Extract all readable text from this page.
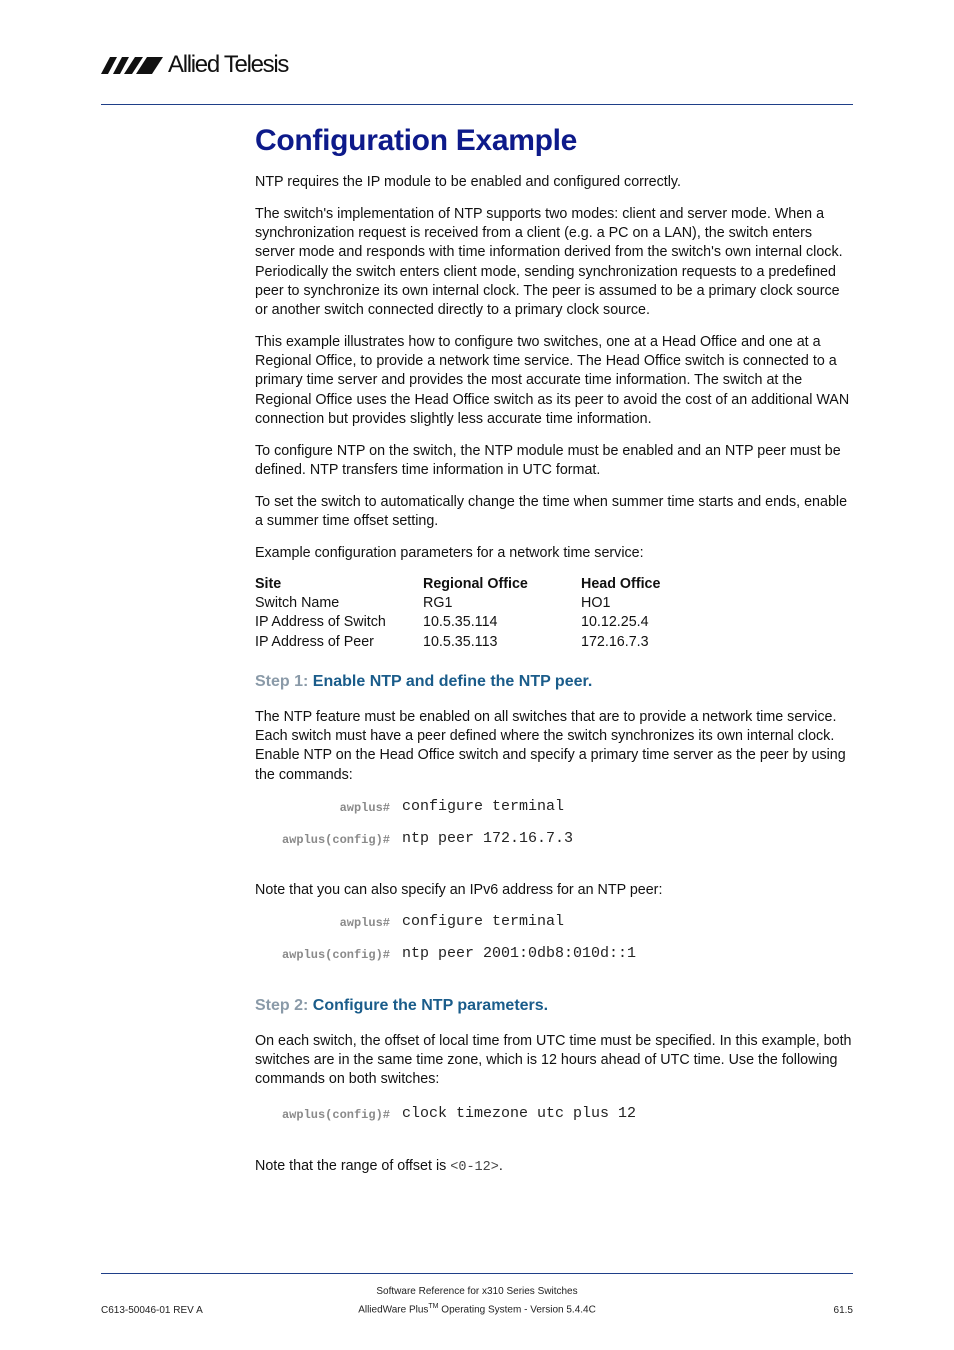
Allied Telesis
Configuration Example

NTP requires the IP module to be enabled and configured correctly.

The switch's implementation of NTP supports two modes: client and server mode. When a synchronization request is received from a client (e.g. a PC on a LAN), the switch enters server mode and responds with time information derived from the switch's own internal clock. Periodically the switch enters client mode, sending synchronization requests to a predefined peer to synchronize its own internal clock. The peer is assumed to be a primary clock source or another switch connected directly to a primary clock source.

This example illustrates how to configure two switches, one at a Head Office and one at a Regional Office, to provide a network time service. The Head Office switch is connected to a primary time server and provides the most accurate time information. The switch at the Regional Office uses the Head Office switch as its peer to avoid the cost of an additional WAN connection but provides slightly less accurate time information.

To configure NTP on the switch, the NTP module must be enabled and an NTP peer must be defined. NTP transfers time information in UTC format.

To set the switch to automatically change the time when summer time starts and ends, enable a summer time offset setting.

Example configuration parameters for a network time service:

Site	Regional Office	Head Office
Switch Name	RG1	HO1
IP Address of Switch	10.5.35.114	10.12.25.4
IP Address of Peer	10.5.35.113	172.16.7.3
Step 1: Enable NTP and define the NTP peer.

The NTP feature must be enabled on all switches that are to provide a network time service. Each switch must have a peer defined where the switch synchronizes its own internal clock. Enable NTP on the Head Office switch and specify a primary time server as the peer by using the commands:

awplus# configure terminal
awplus(config)# ntp peer 172.16.7.3

Note that you can also specify an IPv6 address for an NTP peer:

awplus# configure terminal
awplus(config)# ntp peer 2001:0db8:010d::1
Step 2: Configure the NTP parameters.

On each switch, the offset of local time from UTC time must be specified. In this example, both switches are in the same time zone, which is 12 hours ahead of UTC time. Use the following commands on both switches:

awplus(config)# clock timezone utc plus 12

Note that the range of offset is <0-12>.

Software Reference for x310 Series Switches
C613-50046-01 REV A	AlliedWare Plus™ Operating System - Version 5.4.4C	61.5
